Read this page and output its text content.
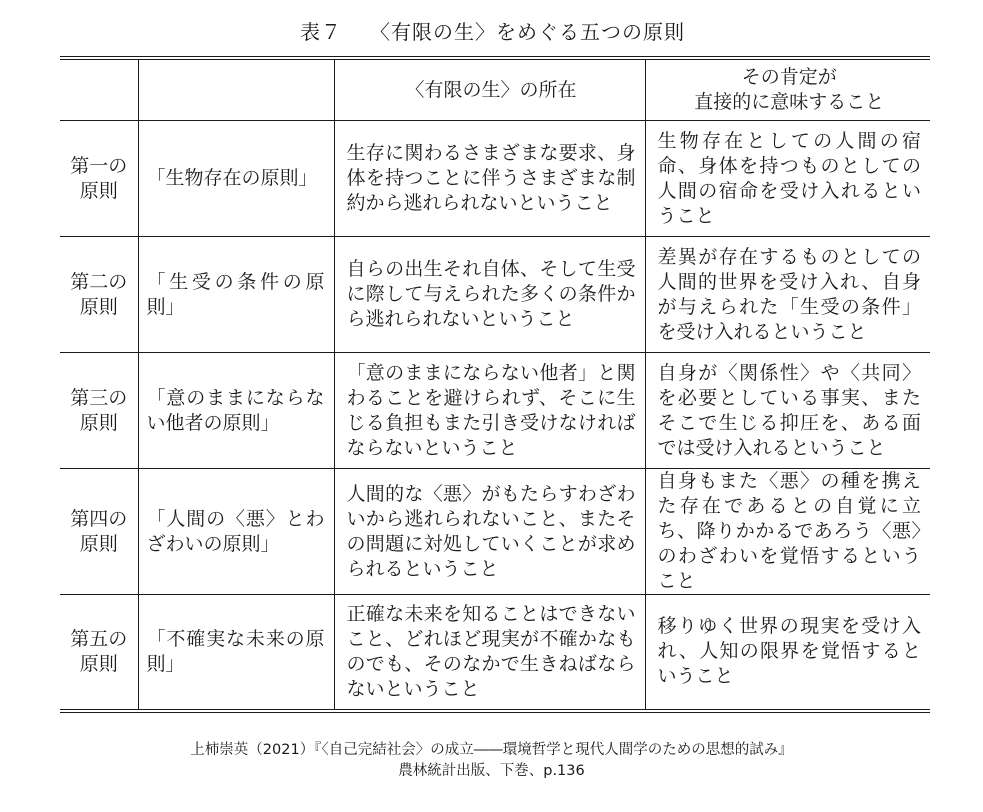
表７ 〈有限の生〉をめぐる五つの原則
		〈有限の生〉の所在	その肯定が
直接的に意味すること
第一の
原則	「生物存在の原則」	生存に関わるさまざまな要求、身体を持つことに伴うさまざまな制約から逃れられないということ	生物存在としての人間の宿命、身体を持つものとしての人間の宿命を受け入れるということ
第二の
原則	「生受の条件の原則」	自らの出生それ自体、そして生受に際して与えられた多くの条件から逃れられないということ	差異が存在するものとしての人間的世界を受け入れ、自身が与えられた「生受の条件」を受け入れるということ
第三の
原則	「意のままにならない他者の原則」	「意のままにならない他者」と関わることを避けられず、そこに生じる負担もまた引き受けなければならないということ	自身が〈関係性〉や〈共同〉を必要としている事実、またそこで生じる抑圧を、ある面では受け入れるということ
第四の
原則	「人間の〈悪〉とわざわいの原則」	人間的な〈悪〉がもたらすわざわいから逃れられないこと、またその問題に対処していくことが求められるということ	自身もまた〈悪〉の種を携えた存在であるとの自覚に立ち、降りかかるであろう〈悪〉のわざわいを覚悟するということ
第五の
原則	「不確実な未来の原則」	正確な未来を知ることはできないこと、どれほど現実が不確かなものでも、そのなかで生きねばならないということ	移りゆく世界の現実を受け入れ、人知の限界を覚悟するということ
上柿崇英（2021）『〈自己完結社会〉の成立――環境哲学と現代人間学のための思想的試み』
農林統計出版、下巻、p.136
